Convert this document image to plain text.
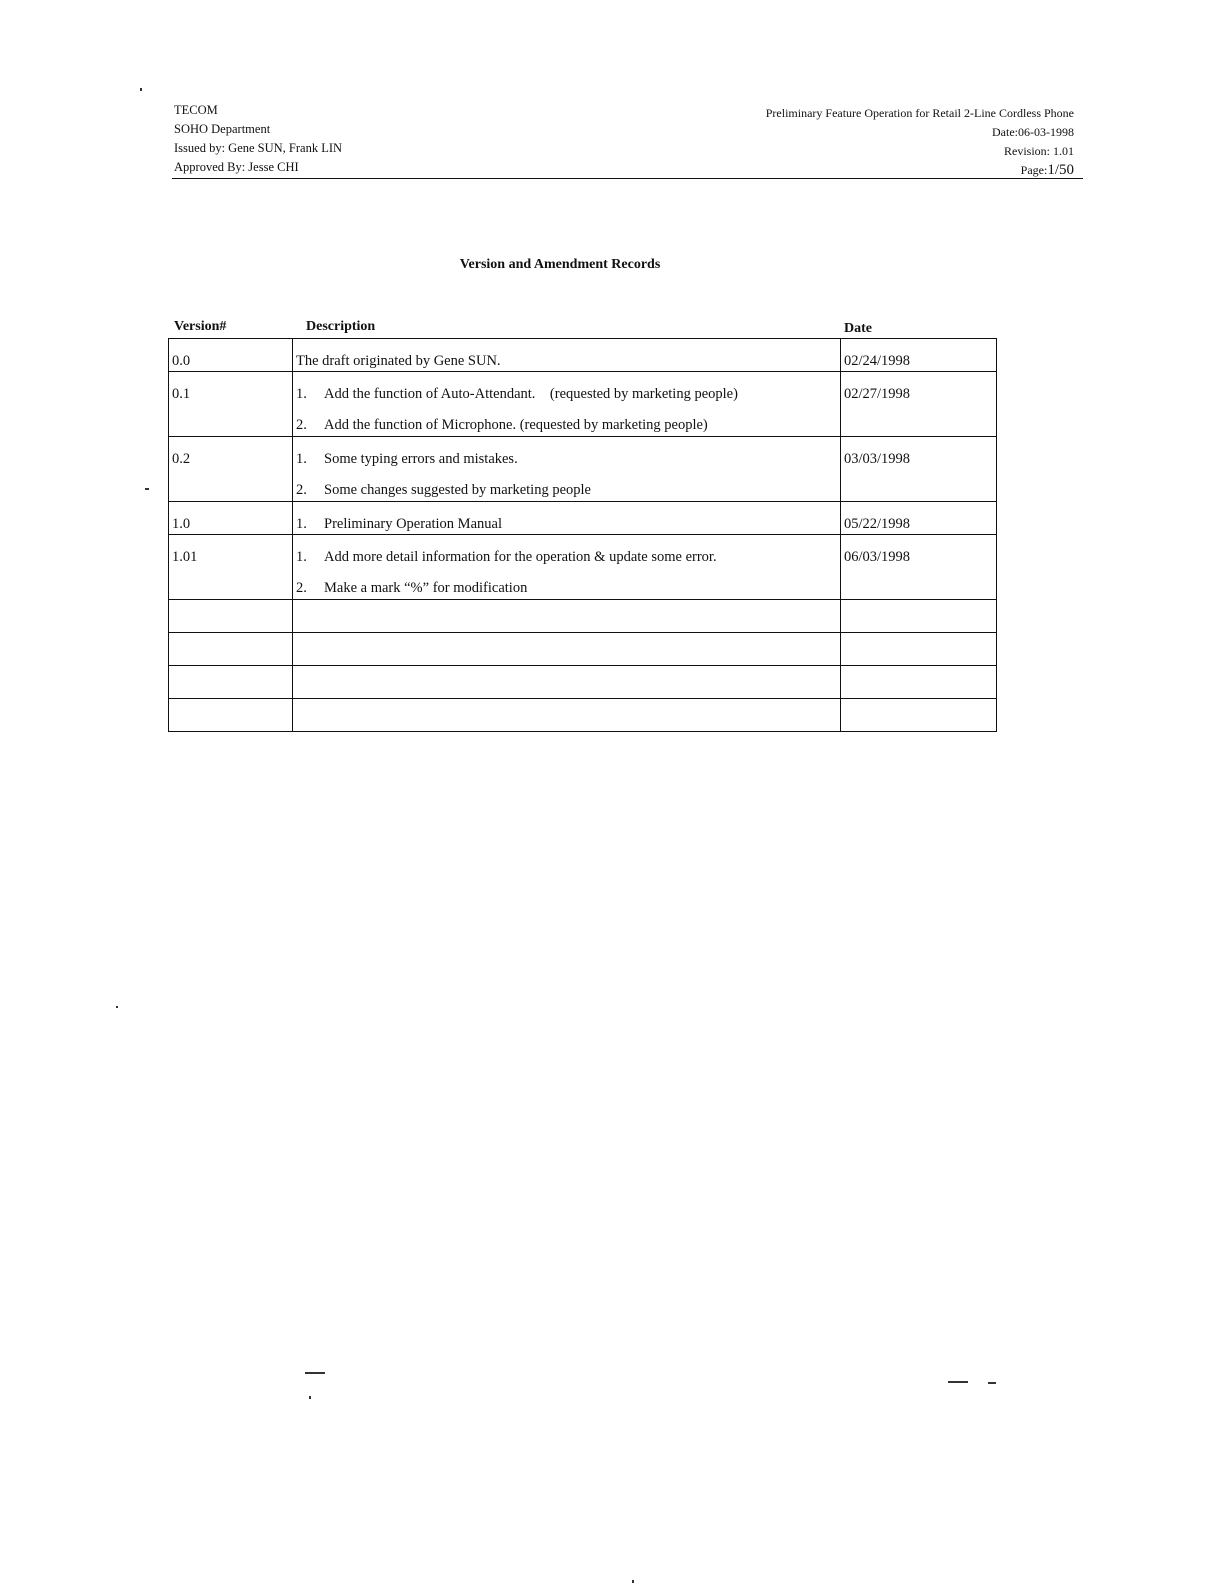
TECOM
SOHO Department
Issued by: Gene SUN, Frank LIN
Approved By: Jesse CHI
Preliminary Feature Operation for Retail 2-Line Cordless Phone
Date:06-03-1998
Revision: 1.01
Page:1/50
Version and Amendment Records
Version#	Description	Date
0.0	The draft originated by Gene SUN.	02/24/1998

0.1	1. Add the function of Auto-Attendant.    (requested by marketing people)
2. Add the function of Microphone. (requested by marketing people)	02/27/1998

0.2	1. Some typing errors and mistakes.
2. Some changes suggested by marketing people	03/03/1998

1.0	1. Preliminary Operation Manual	05/22/1998

1.01	1. Add more detail information for the operation & update some error.
2. Make a mark “%” for modification	06/03/1998
